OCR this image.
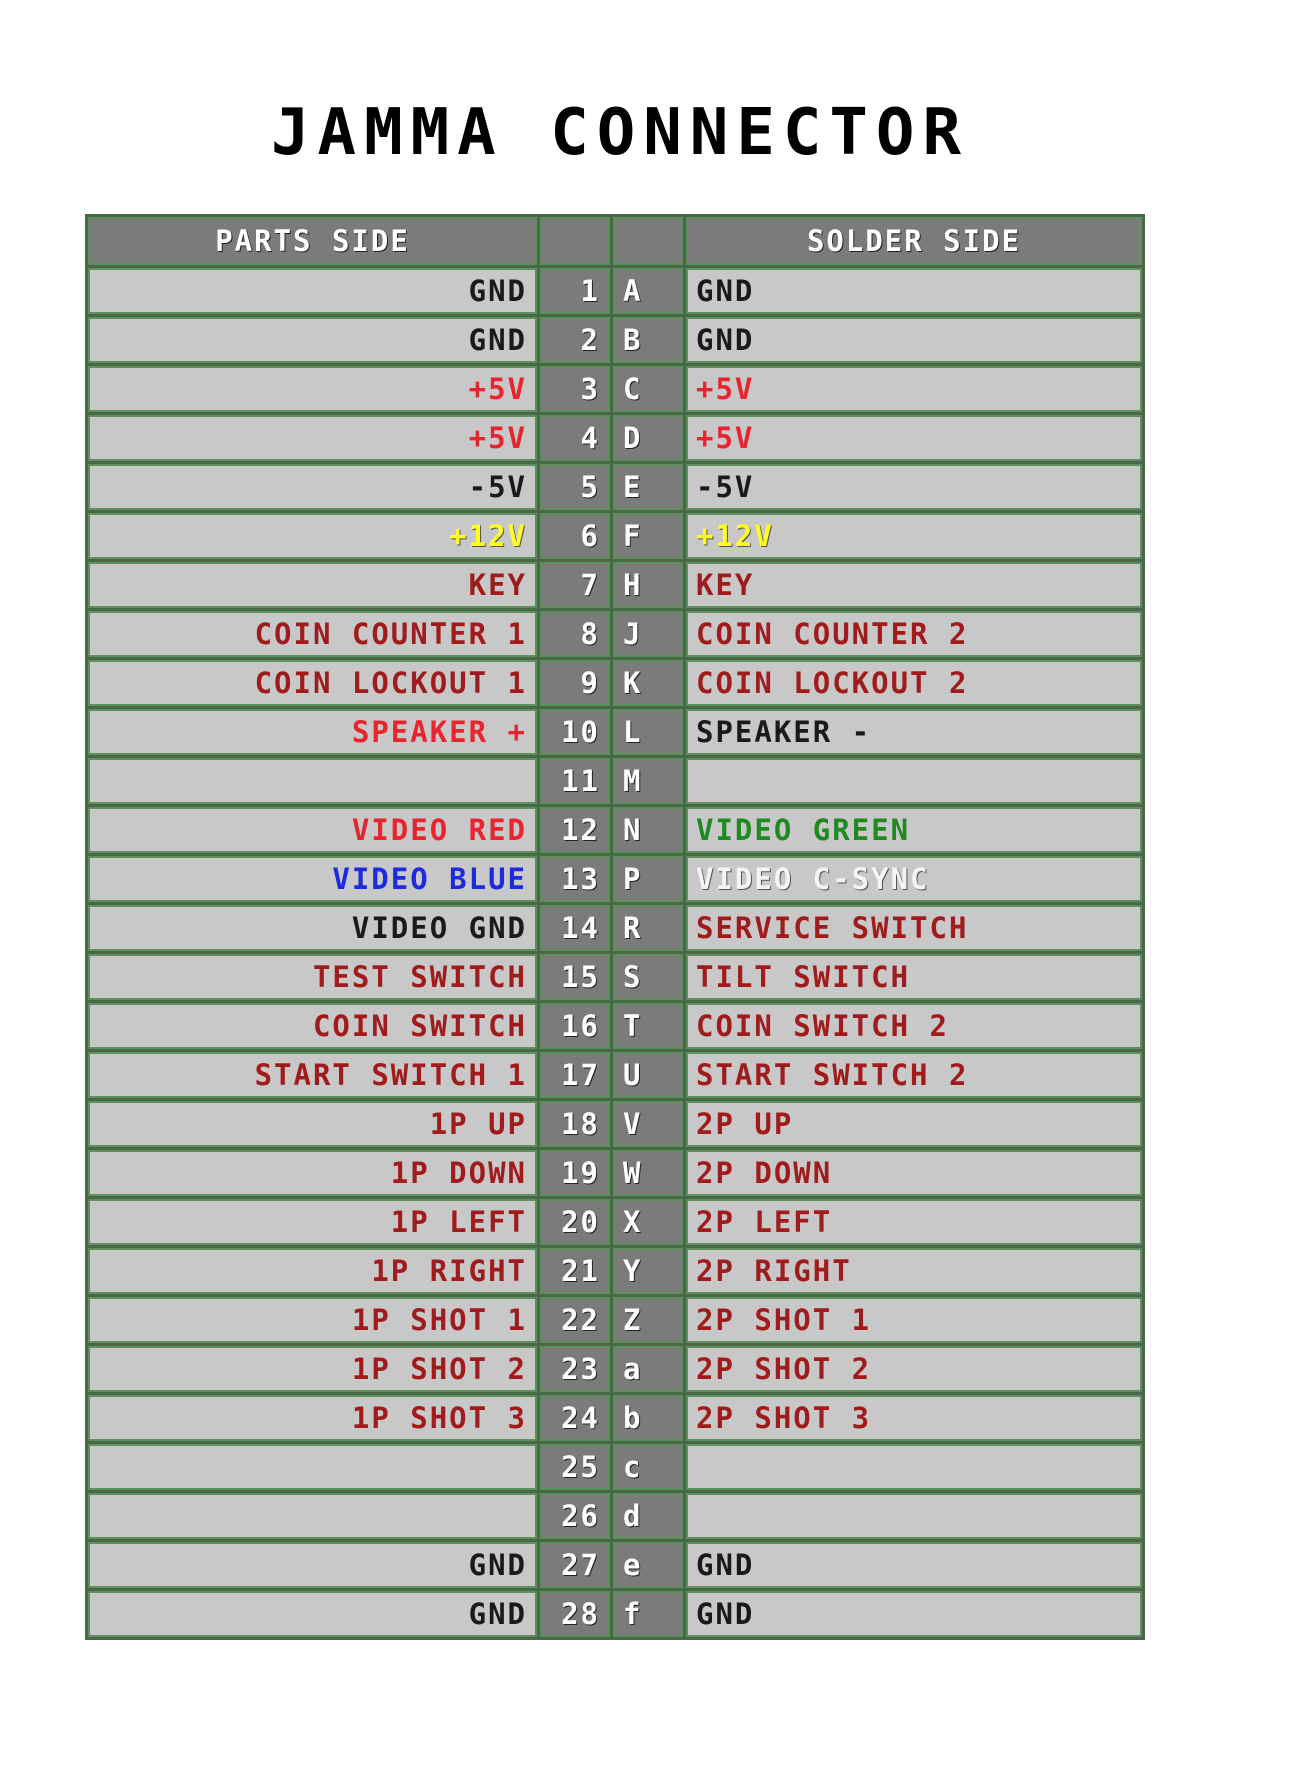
JAMMA CONNECTOR
PARTS SIDE			SOLDER SIDE
GND	1	A	GND
GND	2	B	GND
+5V	3	C	+5V
+5V	4	D	+5V
-5V	5	E	-5V
+12V	6	F	+12V
KEY	7	H	KEY
COIN COUNTER 1	8	J	COIN COUNTER 2
COIN LOCKOUT 1	9	K	COIN LOCKOUT 2
SPEAKER +	10	L	SPEAKER -
	11	M	
VIDEO RED	12	N	VIDEO GREEN
VIDEO BLUE	13	P	VIDEO C-SYNC
VIDEO GND	14	R	SERVICE SWITCH
TEST SWITCH	15	S	TILT SWITCH
COIN SWITCH	16	T	COIN SWITCH 2
START SWITCH 1	17	U	START SWITCH 2
1P UP	18	V	2P UP
1P DOWN	19	W	2P DOWN
1P LEFT	20	X	2P LEFT
1P RIGHT	21	Y	2P RIGHT
1P SHOT 1	22	Z	2P SHOT 1
1P SHOT 2	23	a	2P SHOT 2
1P SHOT 3	24	b	2P SHOT 3
	25	c	
	26	d	
GND	27	e	GND
GND	28	f	GND
